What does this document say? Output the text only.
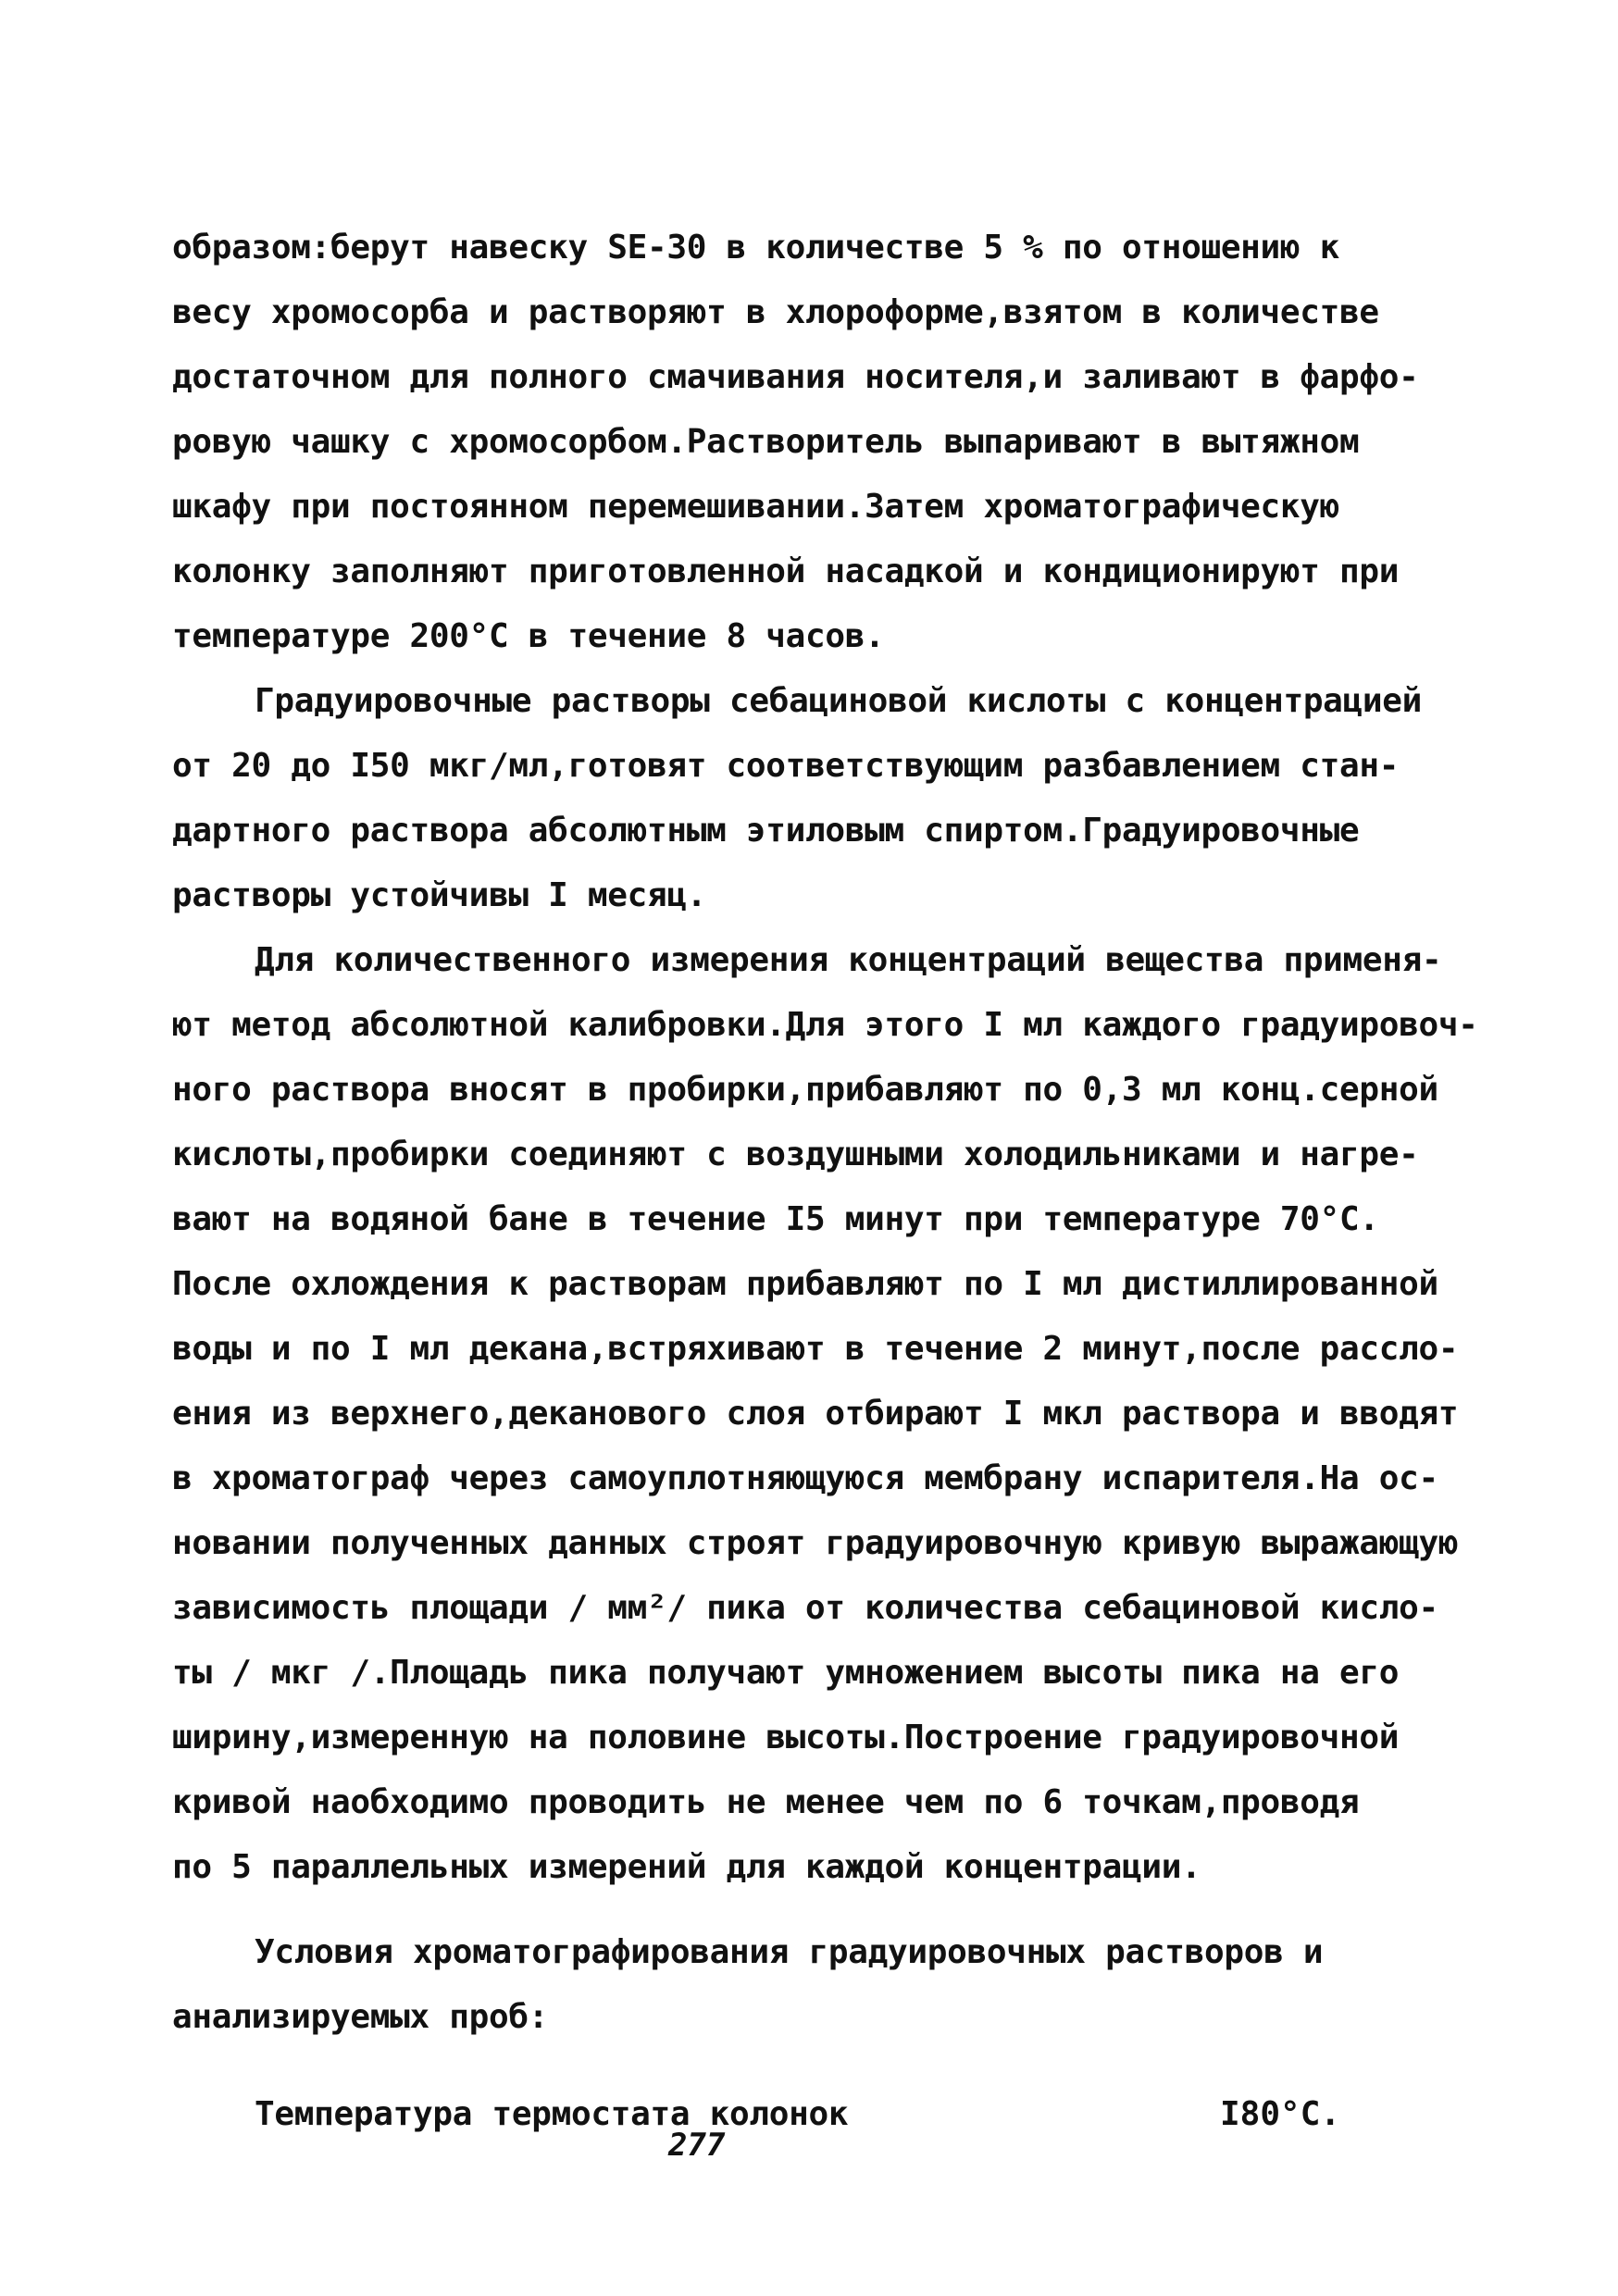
образом:берут навеску SE-30 в количестве 5 % по отношению к
весу хромосорба и растворяют в хлороформе,взятом в количестве
достаточном для полного смачивания носителя,и заливают в фарфо-
ровую чашку с хромосорбом.Растворитель выпаривают в вытяжном
шкафу при постоянном перемешивании.Затем хроматографическую
колонку заполняют приготовленной насадкой и кондиционируют при
температуре 200°С в течение 8 часов.
Градуировочные растворы себациновой кислоты с концентрацией
от 20 до I50 мкг/мл,готовят соответствующим разбавлением стан-
дартного раствора абсолютным этиловым спиртом.Градуировочные
растворы устойчивы I месяц.
Для количественного измерения концентраций вещества применя-
ют метод абсолютной калибровки.Для этого I мл каждого градуировоч-
ного раствора вносят в пробирки,прибавляют по 0,3 мл конц.серной
кислоты,пробирки соединяют с воздушными холодильниками и нагре-
вают на водяной бане в течение I5 минут при температуре 70°С.
После охлождения к растворам прибавляют по I мл дистиллированной
воды и по I мл декана,встряхивают в течение 2 минут,после рассло-
ения из верхнего,деканового слоя отбирают I мкл раствора и вводят
в хроматограф через самоуплотняющуюся мембрану испарителя.На ос-
новании полученных данных строят градуировочную кривую выражающую
зависимость площади / мм²/ пика от количества себациновой кисло-
ты / мкг /.Площадь пика получают умножением высоты пика на его
ширину,измеренную на половине высоты.Построение градуировочной
кривой наобходимо проводить не менее чем по 6 точкам,проводя
по 5 параллельных измерений для каждой концентрации.
Условия хроматографирования градуировочных растворов и
анализируемых проб:
Температура термостата колонок	I80°С.
277
